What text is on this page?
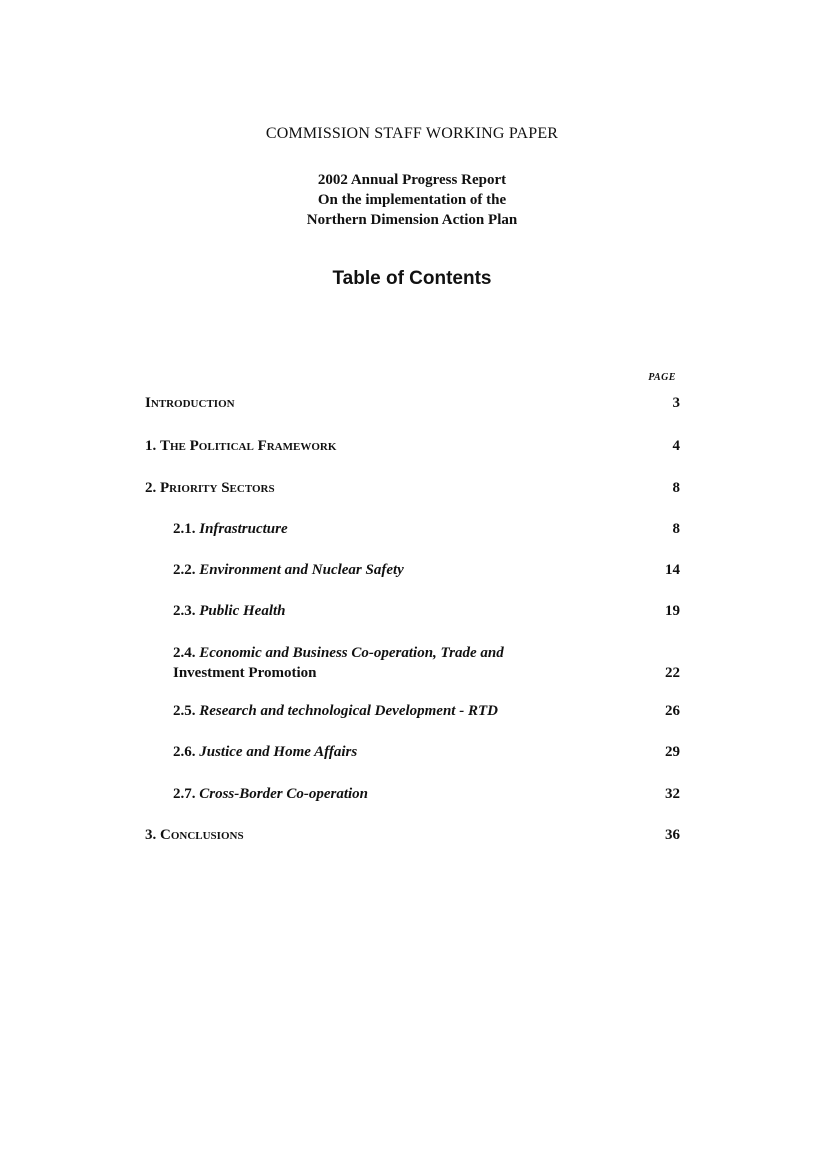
COMMISSION STAFF WORKING PAPER
2002 Annual Progress Report
On the implementation of the
Northern Dimension Action Plan
Table of Contents
PAGE
Introduction	3
1. The Political Framework	4
2. Priority Sectors	8
2.1. Infrastructure	8
2.2. Environment and Nuclear Safety	14
2.3. Public Health	19
2.4. Economic and Business Co-operation, Trade and
Investment Promotion	22
2.5. Research and technological Development - RTD	26
2.6. Justice and Home Affairs	29
2.7. Cross-Border Co-operation	32
3. Conclusions	36
